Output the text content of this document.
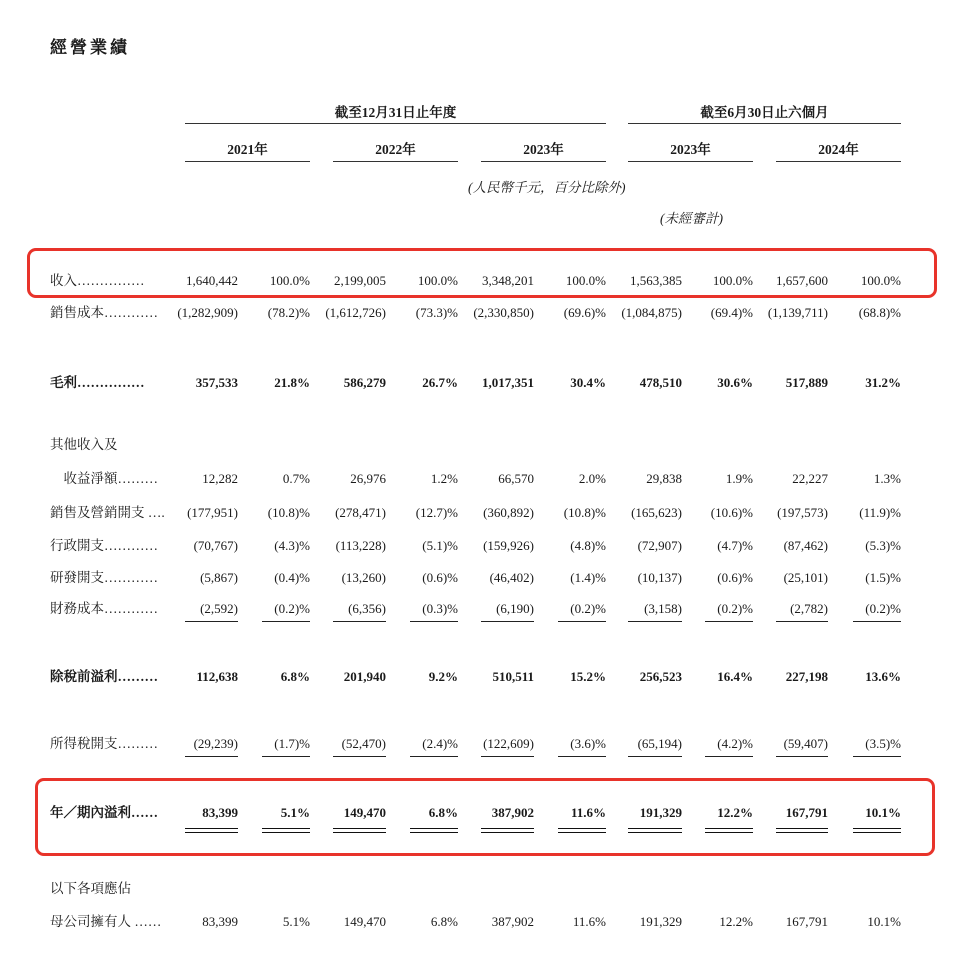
經營業績
截至12月31日止年度	截至6月30日止六個月
2021年	2022年	2023年	2023年	2024年
(人民幣千元，百分比除外)
(未經審計)
收入……………	1,640,442 100.0% 2,199,005 100.0% 3,348,201 100.0% 1,563,385 100.0% 1,657,600	100.0%
銷售成本………… (1,282,909) (78.2)% (1,612,726) (73.3)% (2,330,850) (69.6)% (1,084,875) (69.4)% (1,139,711) (68.8)%
毛利……………	357,533	21.8%	586,279	26.7% 1,017,351	30.4%	478,510	30.6%	517,889	31.2%
其他收入及
　收益淨額………	12,282	0.7%	26,976	1.2%	66,570	2.0%	29,838	1.9%	22,227	1.3%
銷售及營銷開支 …. (177,951) (10.8)% (278,471) (12.7)% (360,892) (10.8)% (165,623) (10.6)% (197,573) (11.9)%
行政開支…………	(70,767)	(4.3)% (113,228)	(5.1)% (159,926)	(4.8)% (72,907)	(4.7)% (87,462)	(5.3)%
研發開支…………	(5,867)	(0.4)% (13,260)	(0.6)% (46,402)	(1.4)% (10,137)	(0.6)% (25,101)	(1.5)%
財務成本…………	(2,592)	(0.2)%	(6,356)	(0.3)%	(6,190)	(0.2)%	(3,158)	(0.2)%	(2,782)	(0.2)%
除稅前溢利………	112,638	6.8%	201,940	9.2%	510,511	15.2%	256,523	16.4%	227,198	13.6%
所得稅開支………	(29,239)	(1.7)% (52,470)	(2.4)% (122,609)	(3.6)% (65,194)	(4.2)% (59,407)	(3.5)%
年／期內溢利……	83,399	5.1%	149,470	6.8%	387,902	11.6%	191,329	12.2%	167,791	10.1%
以下各項應佔
母公司擁有人 ……	83,399	5.1%	149,470	6.8%	387,902	11.6%	191,329	12.2%	167,791	10.1%
